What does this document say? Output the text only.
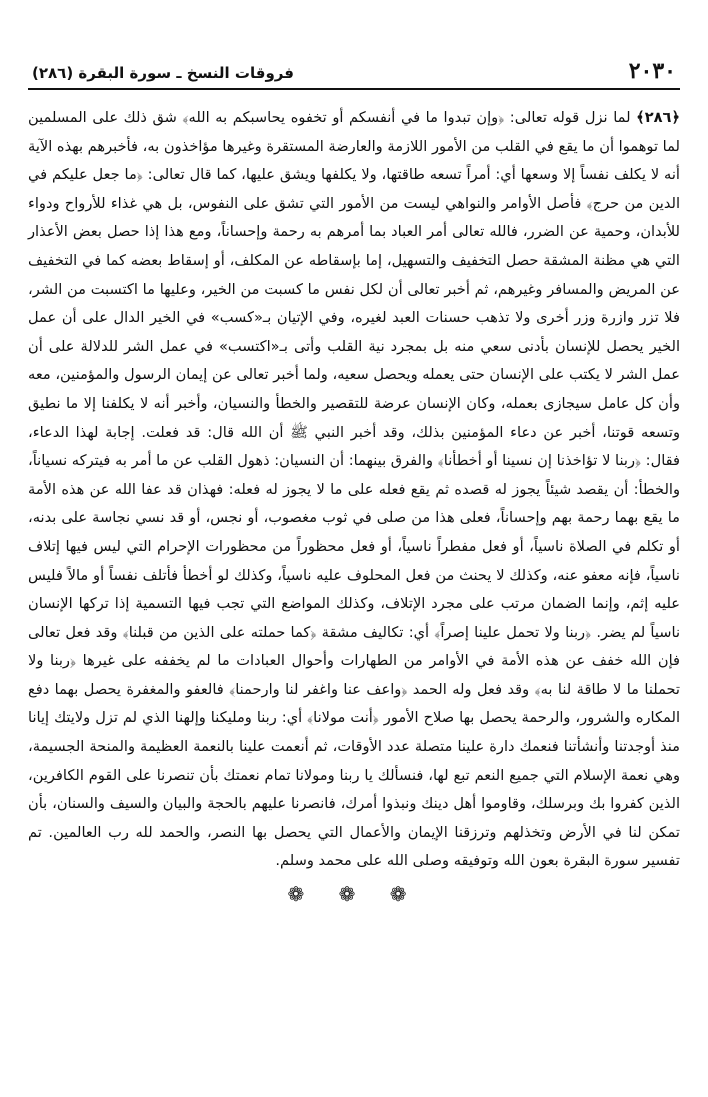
٢٠٣٠
فروقات النسخ ـ سورة البقرة (٢٨٦)

﴿٢٨٦﴾ لما نزل قوله تعالى: ﴿وإن تبدوا ما في أنفسكم أو تخفوه يحاسبكم به الله﴾ شق ذلك على المسلمين لما توهموا أن ما يقع في القلب من الأمور اللازمة والعارضة المستقرة وغيرها مؤاخذون به، فأخبرهم بهذه الآية أنه لا يكلف نفساً إلا وسعها أي: أمراً تسعه طاقتها، ولا يكلفها ويشق عليها، كما قال تعالى: ﴿ما جعل عليكم في الدين من حرج﴾ فأصل الأوامر والنواهي ليست من الأمور التي تشق على النفوس، بل هي غذاء للأرواح ودواء للأبدان، وحمية عن الضرر، فالله تعالى أمر العباد بما أمرهم به رحمة وإحساناً، ومع هذا إذا حصل بعض الأعذار التي هي مظنة المشقة حصل التخفيف والتسهيل، إما بإسقاطه عن المكلف، أو إسقاط بعضه كما في التخفيف عن المريض والمسافر وغيرهم، ثم أخبر تعالى أن لكل نفس ما كسبت من الخير، وعليها ما اكتسبت من الشر، فلا تزر وازرة وزر أخرى ولا تذهب حسنات العبد لغيره، وفي الإتيان بـ«كسب» في الخير الدال على أن عمل الخير يحصل للإنسان بأدنى سعي منه بل بمجرد نية القلب وأتى بـ«اكتسب» في عمل الشر للدلالة على أن عمل الشر لا يكتب على الإنسان حتى يعمله ويحصل سعيه، ولما أخبر تعالى عن إيمان الرسول والمؤمنين، معه وأن كل عامل سيجازى بعمله، وكان الإنسان عرضة للتقصير والخطأ والنسيان، وأخبر أنه لا يكلفنا إلا ما نطيق وتسعه قوتنا، أخبر عن دعاء المؤمنين بذلك، وقد أخبر النبي ﷺ أن الله قال: قد فعلت. إجابة لهذا الدعاء، فقال: ﴿ربنا لا تؤاخذنا إن نسينا أو أخطأنا﴾ والفرق بينهما: أن النسيان: ذهول القلب عن ما أمر به فيتركه نسياناً، والخطأ: أن يقصد شيئاً يجوز له قصده ثم يقع فعله على ما لا يجوز له فعله: فهذان قد عفا الله عن هذه الأمة ما يقع بهما رحمة بهم وإحساناً، فعلى هذا من صلى في ثوب مغصوب، أو نجس، أو قد نسي نجاسة على بدنه، أو تكلم في الصلاة ناسياً، أو فعل مفطراً ناسياً، أو فعل محظوراً من محظورات الإحرام التي ليس فيها إتلاف ناسياً، فإنه معفو عنه، وكذلك لا يحنث من فعل المحلوف عليه ناسياً، وكذلك لو أخطأ فأتلف نفساً أو مالاً فليس عليه إثم، وإنما الضمان مرتب على مجرد الإتلاف، وكذلك المواضع التي تجب فيها التسمية إذا تركها الإنسان ناسياً لم يضر. ﴿ربنا ولا تحمل علينا إصراً﴾ أي: تكاليف مشقة ﴿كما حملته على الذين من قبلنا﴾ وقد فعل تعالى فإن الله خفف عن هذه الأمة في الأوامر من الطهارات وأحوال العبادات ما لم يخففه على غيرها ﴿ربنا ولا تحملنا ما لا طاقة لنا به﴾ وقد فعل وله الحمد ﴿واعف عنا واغفر لنا وارحمنا﴾ فالعفو والمغفرة يحصل بهما دفع المكاره والشرور، والرحمة يحصل بها صلاح الأمور ﴿أنت مولانا﴾ أي: ربنا ومليكنا وإلهنا الذي لم تزل ولايتك إيانا منذ أوجدتنا وأنشأتنا فنعمك دارة علينا متصلة عدد الأوقات، ثم أنعمت علينا بالنعمة العظيمة والمنحة الجسيمة، وهي نعمة الإسلام التي جميع النعم تبع لها، فنسألك يا ربنا ومولانا تمام نعمتك بأن تنصرنا على القوم الكافرين، الذين كفروا بك وبرسلك، وقاوموا أهل دينك ونبذوا أمرك، فانصرنا عليهم بالحجة والبيان والسيف والسنان، بأن تمكن لنا في الأرض وتخذلهم وترزقنا الإيمان والأعمال التي يحصل بها النصر، والحمد لله رب العالمين. تم تفسير سورة البقرة بعون الله وتوفيقه وصلى الله على محمد وسلم.

❁ ❁ ❁
